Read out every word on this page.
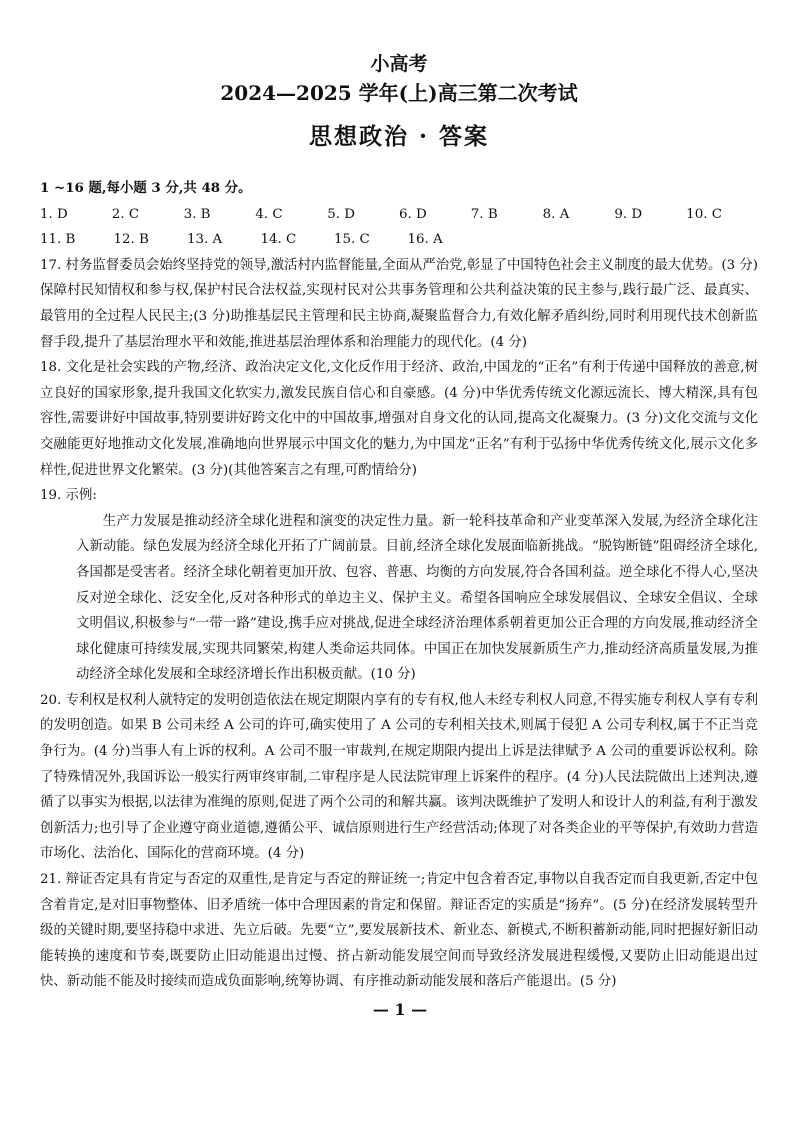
小高考
2024—2025 学年(上)高三第二次考试
思想政治 · 答案
1 ~16 题,每小题 3 分,共 48 分。
1. D	2. C	3. B	4. C	5. D	6. D	7. B	8. A	9. D	10. C
11. B	12. B	13. A	14. C	15. C	16. A
17. 村务监督委员会始终坚持党的领导,激活村内监督能量,全面从严治党,彰显了中国特色社会主义制度的最大优势。(3 分)保障村民知情权和参与权,保护村民合法权益,实现村民对公共事务管理和公共利益决策的民主参与,践行最广泛、最真实、最管用的全过程人民民主;(3 分)助推基层民主管理和民主协商,凝聚监督合力,有效化解矛盾纠纷,同时利用现代技术创新监督手段,提升了基层治理水平和效能,推进基层治理体系和治理能力的现代化。(4 分)
18. 文化是社会实践的产物,经济、政治决定文化,文化反作用于经济、政治,中国龙的“正名”有利于传递中国释放的善意,树立良好的国家形象,提升我国文化软实力,激发民族自信心和自豪感。(4 分)中华优秀传统文化源远流长、博大精深,具有包容性,需要讲好中国故事,特别要讲好跨文化中的中国故事,增强对自身文化的认同,提高文化凝聚力。(3 分)文化交流与文化交融能更好地推动文化发展,准确地向世界展示中国文化的魅力,为中国龙“正名”有利于弘扬中华优秀传统文化,展示文化多样性,促进世界文化繁荣。(3 分)(其他答案言之有理,可酌情给分)
19. 示例:
生产力发展是推动经济全球化进程和演变的决定性力量。新一轮科技革命和产业变革深入发展,为经济全球化注入新动能。绿色发展为经济全球化开拓了广阔前景。目前,经济全球化发展面临新挑战。“脱钩断链”阻碍经济全球化,各国都是受害者。经济全球化朝着更加开放、包容、普惠、均衡的方向发展,符合各国利益。逆全球化不得人心,坚决反对逆全球化、泛安全化,反对各种形式的单边主义、保护主义。希望各国响应全球发展倡议、全球安全倡议、全球文明倡议,积极参与“一带一路”建设,携手应对挑战,促进全球经济治理体系朝着更加公正合理的方向发展,推动经济全球化健康可持续发展,实现共同繁荣,构建人类命运共同体。中国正在加快发展新质生产力,推动经济高质量发展,为推动经济全球化发展和全球经济增长作出积极贡献。(10 分)
20. 专利权是权利人就特定的发明创造依法在规定期限内享有的专有权,他人未经专利权人同意,不得实施专利权人享有专利的发明创造。如果 B 公司未经 A 公司的许可,确实使用了 A 公司的专利相关技术,则属于侵犯 A 公司专利权,属于不正当竞争行为。(4 分)当事人有上诉的权利。A 公司不服一审裁判,在规定期限内提出上诉是法律赋予 A 公司的重要诉讼权利。除了特殊情况外,我国诉讼一般实行两审终审制,二审程序是人民法院审理上诉案件的程序。(4 分)人民法院做出上述判决,遵循了以事实为根据,以法律为准绳的原则,促进了两个公司的和解共赢。该判决既维护了发明人和设计人的利益,有利于激发创新活力;也引导了企业遵守商业道德,遵循公平、诚信原则进行生产经营活动;体现了对各类企业的平等保护,有效助力营造市场化、法治化、国际化的营商环境。(4 分)
21. 辩证否定具有肯定与否定的双重性,是肯定与否定的辩证统一;肯定中包含着否定,事物以自我否定而自我更新,否定中包含着肯定,是对旧事物整体、旧矛盾统一体中合理因素的肯定和保留。辩证否定的实质是“扬弃”。(5 分)在经济发展转型升级的关键时期,要坚持稳中求进、先立后破。先要“立”,要发展新技术、新业态、新模式,不断积蓄新动能,同时把握好新旧动能转换的速度和节奏,既要防止旧动能退出过慢、挤占新动能发展空间而导致经济发展进程缓慢,又要防止旧动能退出过快、新动能不能及时接续而造成负面影响,统筹协调、有序推动新动能发展和落后产能退出。(5 分)
— 1 —
